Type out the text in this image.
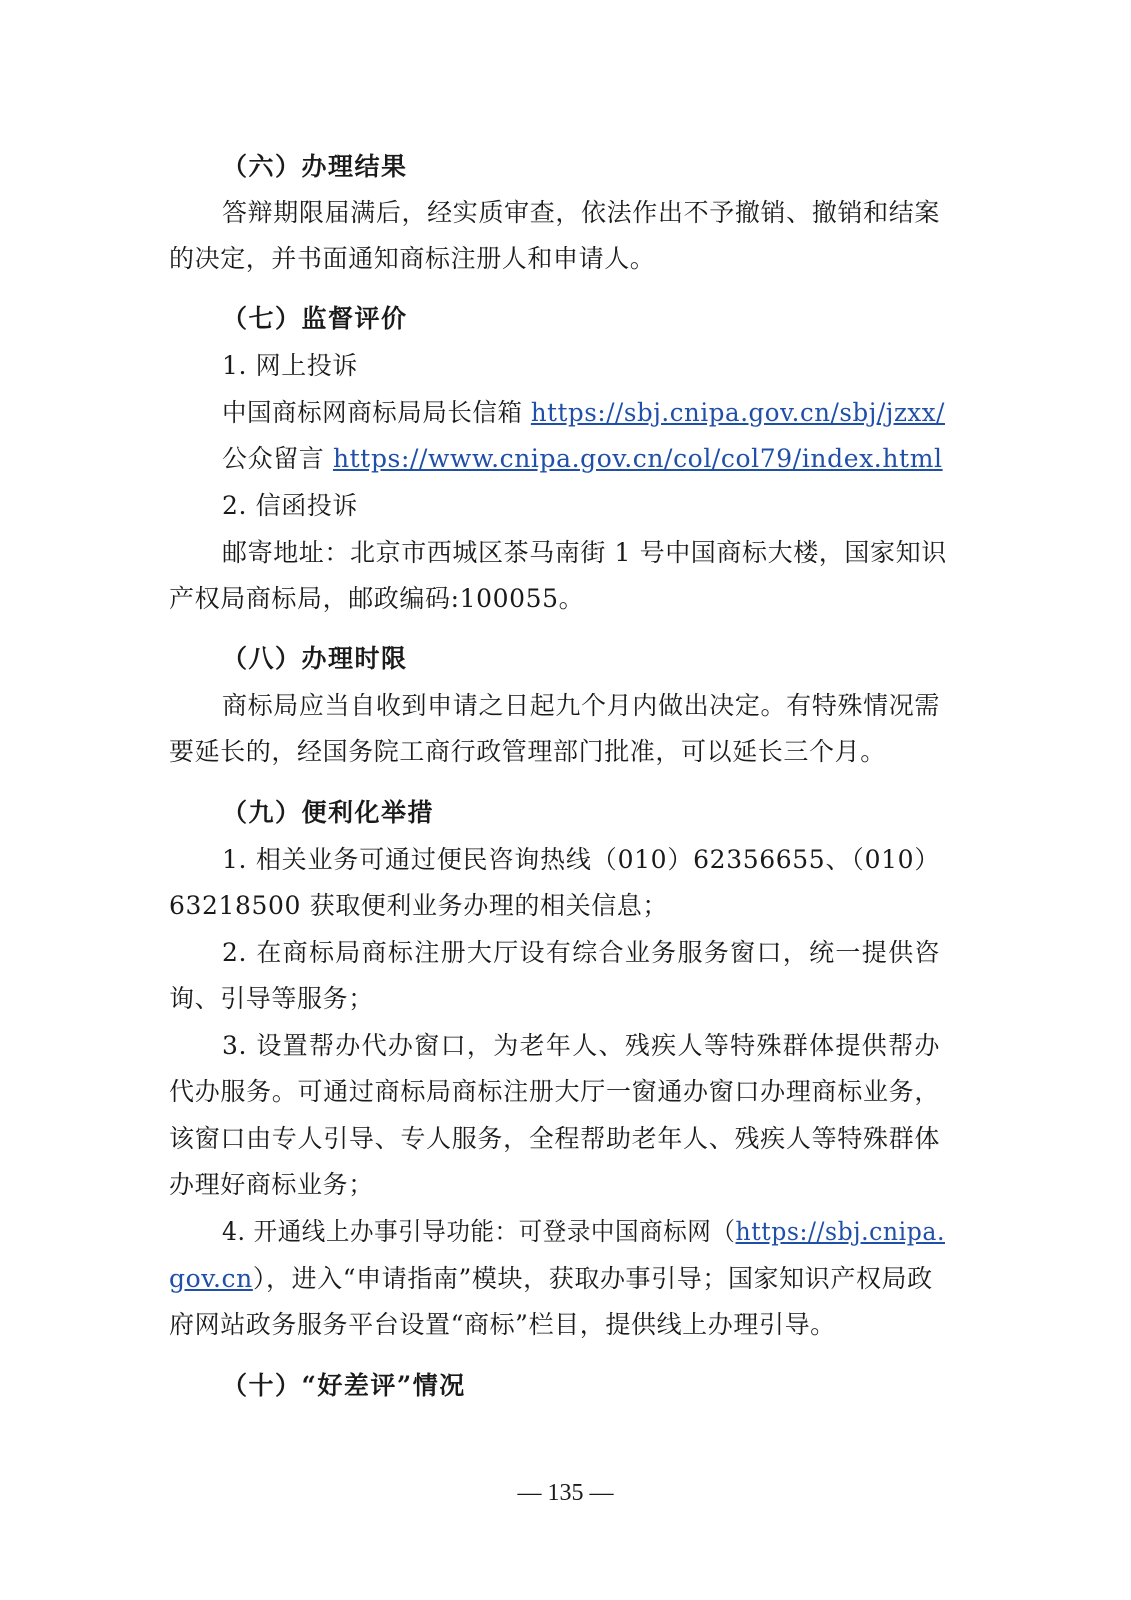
（六）办理结果
答辩期限届满后，经实质审查，依法作出不予撤销、撤销和结案
的决定，并书面通知商标注册人和申请人。
（七）监督评价
1. 网上投诉
中国商标网商标局局长信箱 https://sbj.cnipa.gov.cn/sbj/jzxx/
公众留言 https://www.cnipa.gov.cn/col/col79/index.html
2. 信函投诉
邮寄地址：北京市西城区茶马南街 1 号中国商标大楼，国家知识
产权局商标局，邮政编码:100055。
（八）办理时限
商标局应当自收到申请之日起九个月内做出决定。有特殊情况需
要延长的，经国务院工商行政管理部门批准，可以延长三个月。
（九）便利化举措
1. 相关业务可通过便民咨询热线（010）62356655、（010）
63218500 获取便利业务办理的相关信息；
2. 在商标局商标注册大厅设有综合业务服务窗口，统一提供咨
询、引导等服务；
3. 设置帮办代办窗口，为老年人、残疾人等特殊群体提供帮办
代办服务。可通过商标局商标注册大厅一窗通办窗口办理商标业务，
该窗口由专人引导、专人服务，全程帮助老年人、残疾人等特殊群体
办理好商标业务；
4. 开通线上办事引导功能：可登录中国商标网（https://sbj.cnipa.
gov.cn），进入“申请指南”模块，获取办事引导；国家知识产权局政
府网站政务服务平台设置“商标”栏目，提供线上办理引导。
（十）“好差评”情况
— 135 —
